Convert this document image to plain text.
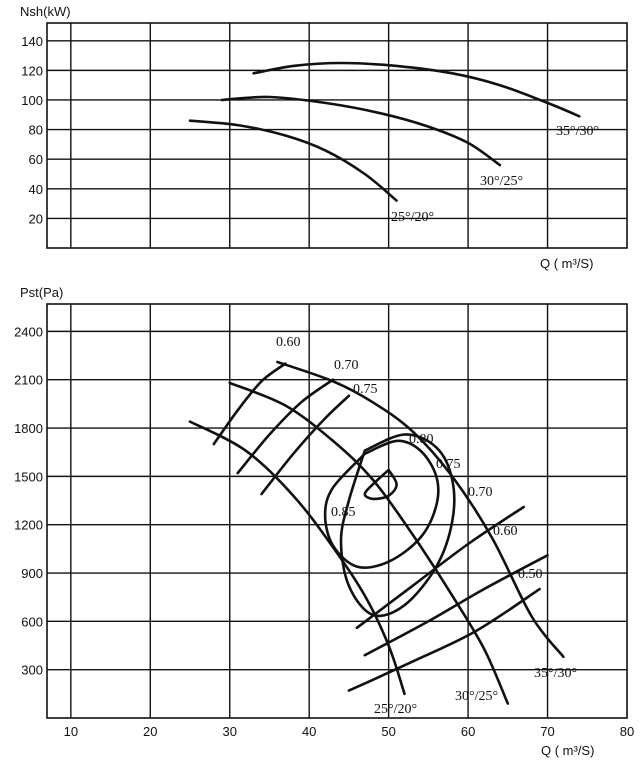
Nsh(kW)
20
40
60
80
100
120
140
Q ( m³/S)
35°/30°
30°/25°
25°/20°
Pst(Pa)
300
600
900
1200
1500
1800
2100
2400
10	20	30	40	50	60	70	80
Q ( m³/S)
35°/30°
30°/25°
25°/20°
0.60
0.70
0.75
0.80
0.75
0.70
0.60
0.50
0.85
